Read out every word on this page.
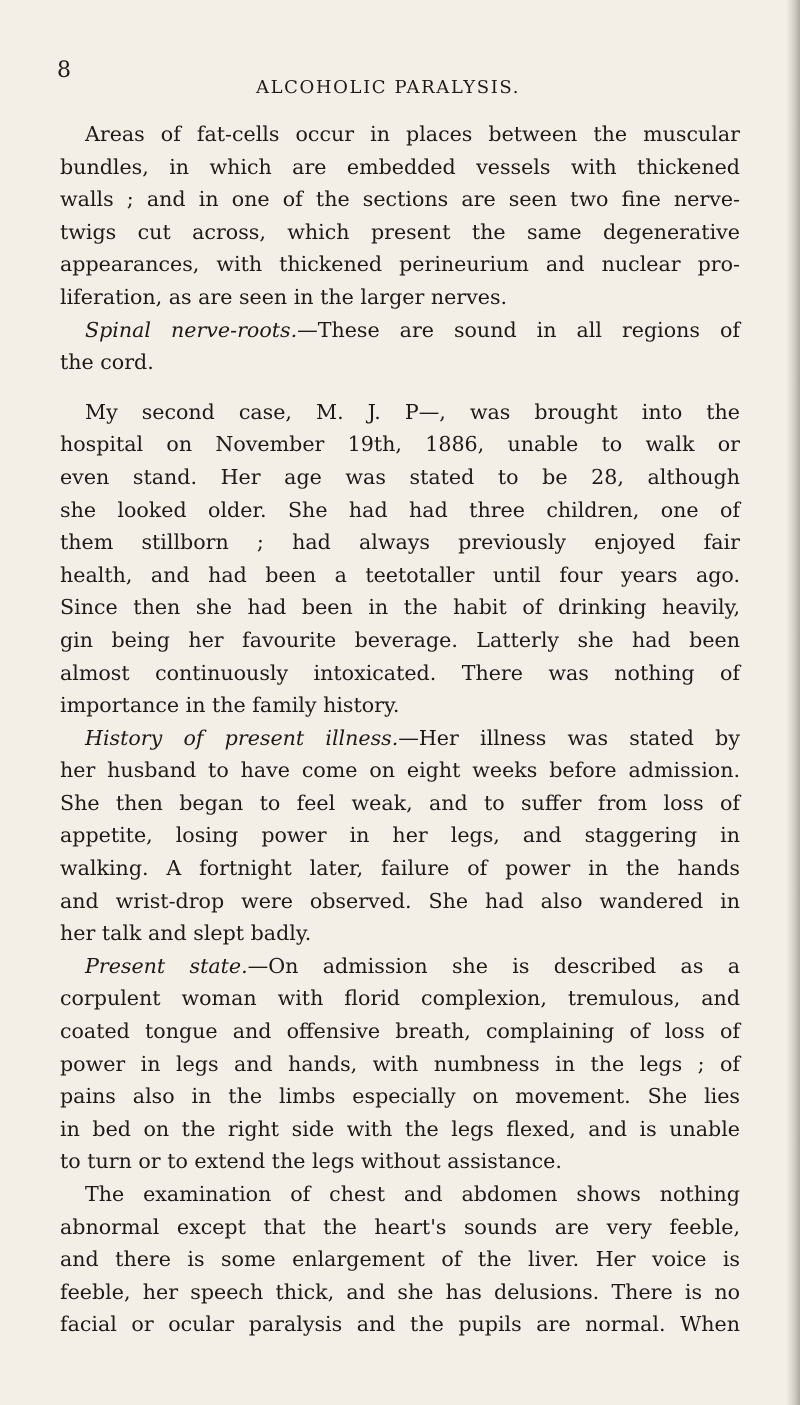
8
ALCOHOLIC PARALYSIS.

Areas of fat-cells occur in places between the muscular

bundles, in which are embedded vessels with thickened

walls ; and in one of the sections are seen two fine nerve-

twigs cut across, which present the same degenerative

appearances, with thickened perineurium and nuclear pro-

liferation, as are seen in the larger nerves.

Spinal nerve-roots.—These are sound in all regions of

the cord.

My second case, M. J. P—, was brought into the

hospital on November 19th, 1886, unable to walk or

even stand. Her age was stated to be 28, although

she looked older. She had had three children, one of

them stillborn ; had always previously enjoyed fair

health, and had been a teetotaller until four years ago.

Since then she had been in the habit of drinking heavily,

gin being her favourite beverage. Latterly she had been

almost continuously intoxicated. There was nothing of

importance in the family history.

History of present illness.—Her illness was stated by

her husband to have come on eight weeks before admission.

She then began to feel weak, and to suffer from loss of

appetite, losing power in her legs, and staggering in

walking. A fortnight later, failure of power in the hands

and wrist-drop were observed. She had also wandered in

her talk and slept badly.

Present state.—On admission she is described as a

corpulent woman with florid complexion, tremulous, and

coated tongue and offensive breath, complaining of loss of

power in legs and hands, with numbness in the legs ; of

pains also in the limbs especially on movement. She lies

in bed on the right side with the legs flexed, and is unable

to turn or to extend the legs without assistance.

The examination of chest and abdomen shows nothing

abnormal except that the heart's sounds are very feeble,

and there is some enlargement of the liver. Her voice is

feeble, her speech thick, and she has delusions. There is no

facial or ocular paralysis and the pupils are normal. When
